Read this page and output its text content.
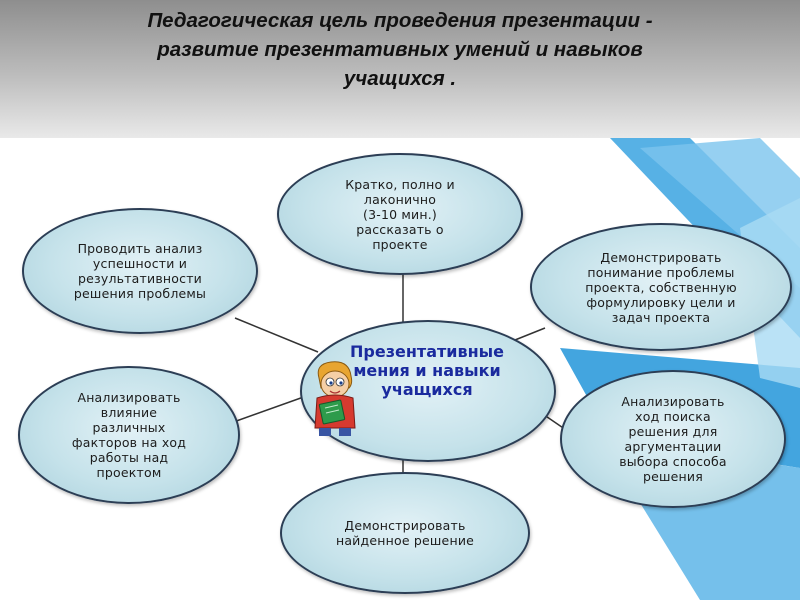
Педагогическая цель проведения презентации -
развитие презентативных умений и навыков
учащихся .
Кратко, полно и
лаконично
(3-10 мин.)
рассказать о
проекте
Проводить анализ
успешности и
результативности
решения проблемы
Демонстрировать
понимание проблемы
проекта, собственную
формулировку цели и
задач проекта
Презентативные
мения и навыки
учащихся
Анализировать
влияние
различных
факторов на ход
работы над
проектом
Анализировать
ход поиска
решения для
аргументации
выбора способа
решения
Демонстрировать
найденное решение
